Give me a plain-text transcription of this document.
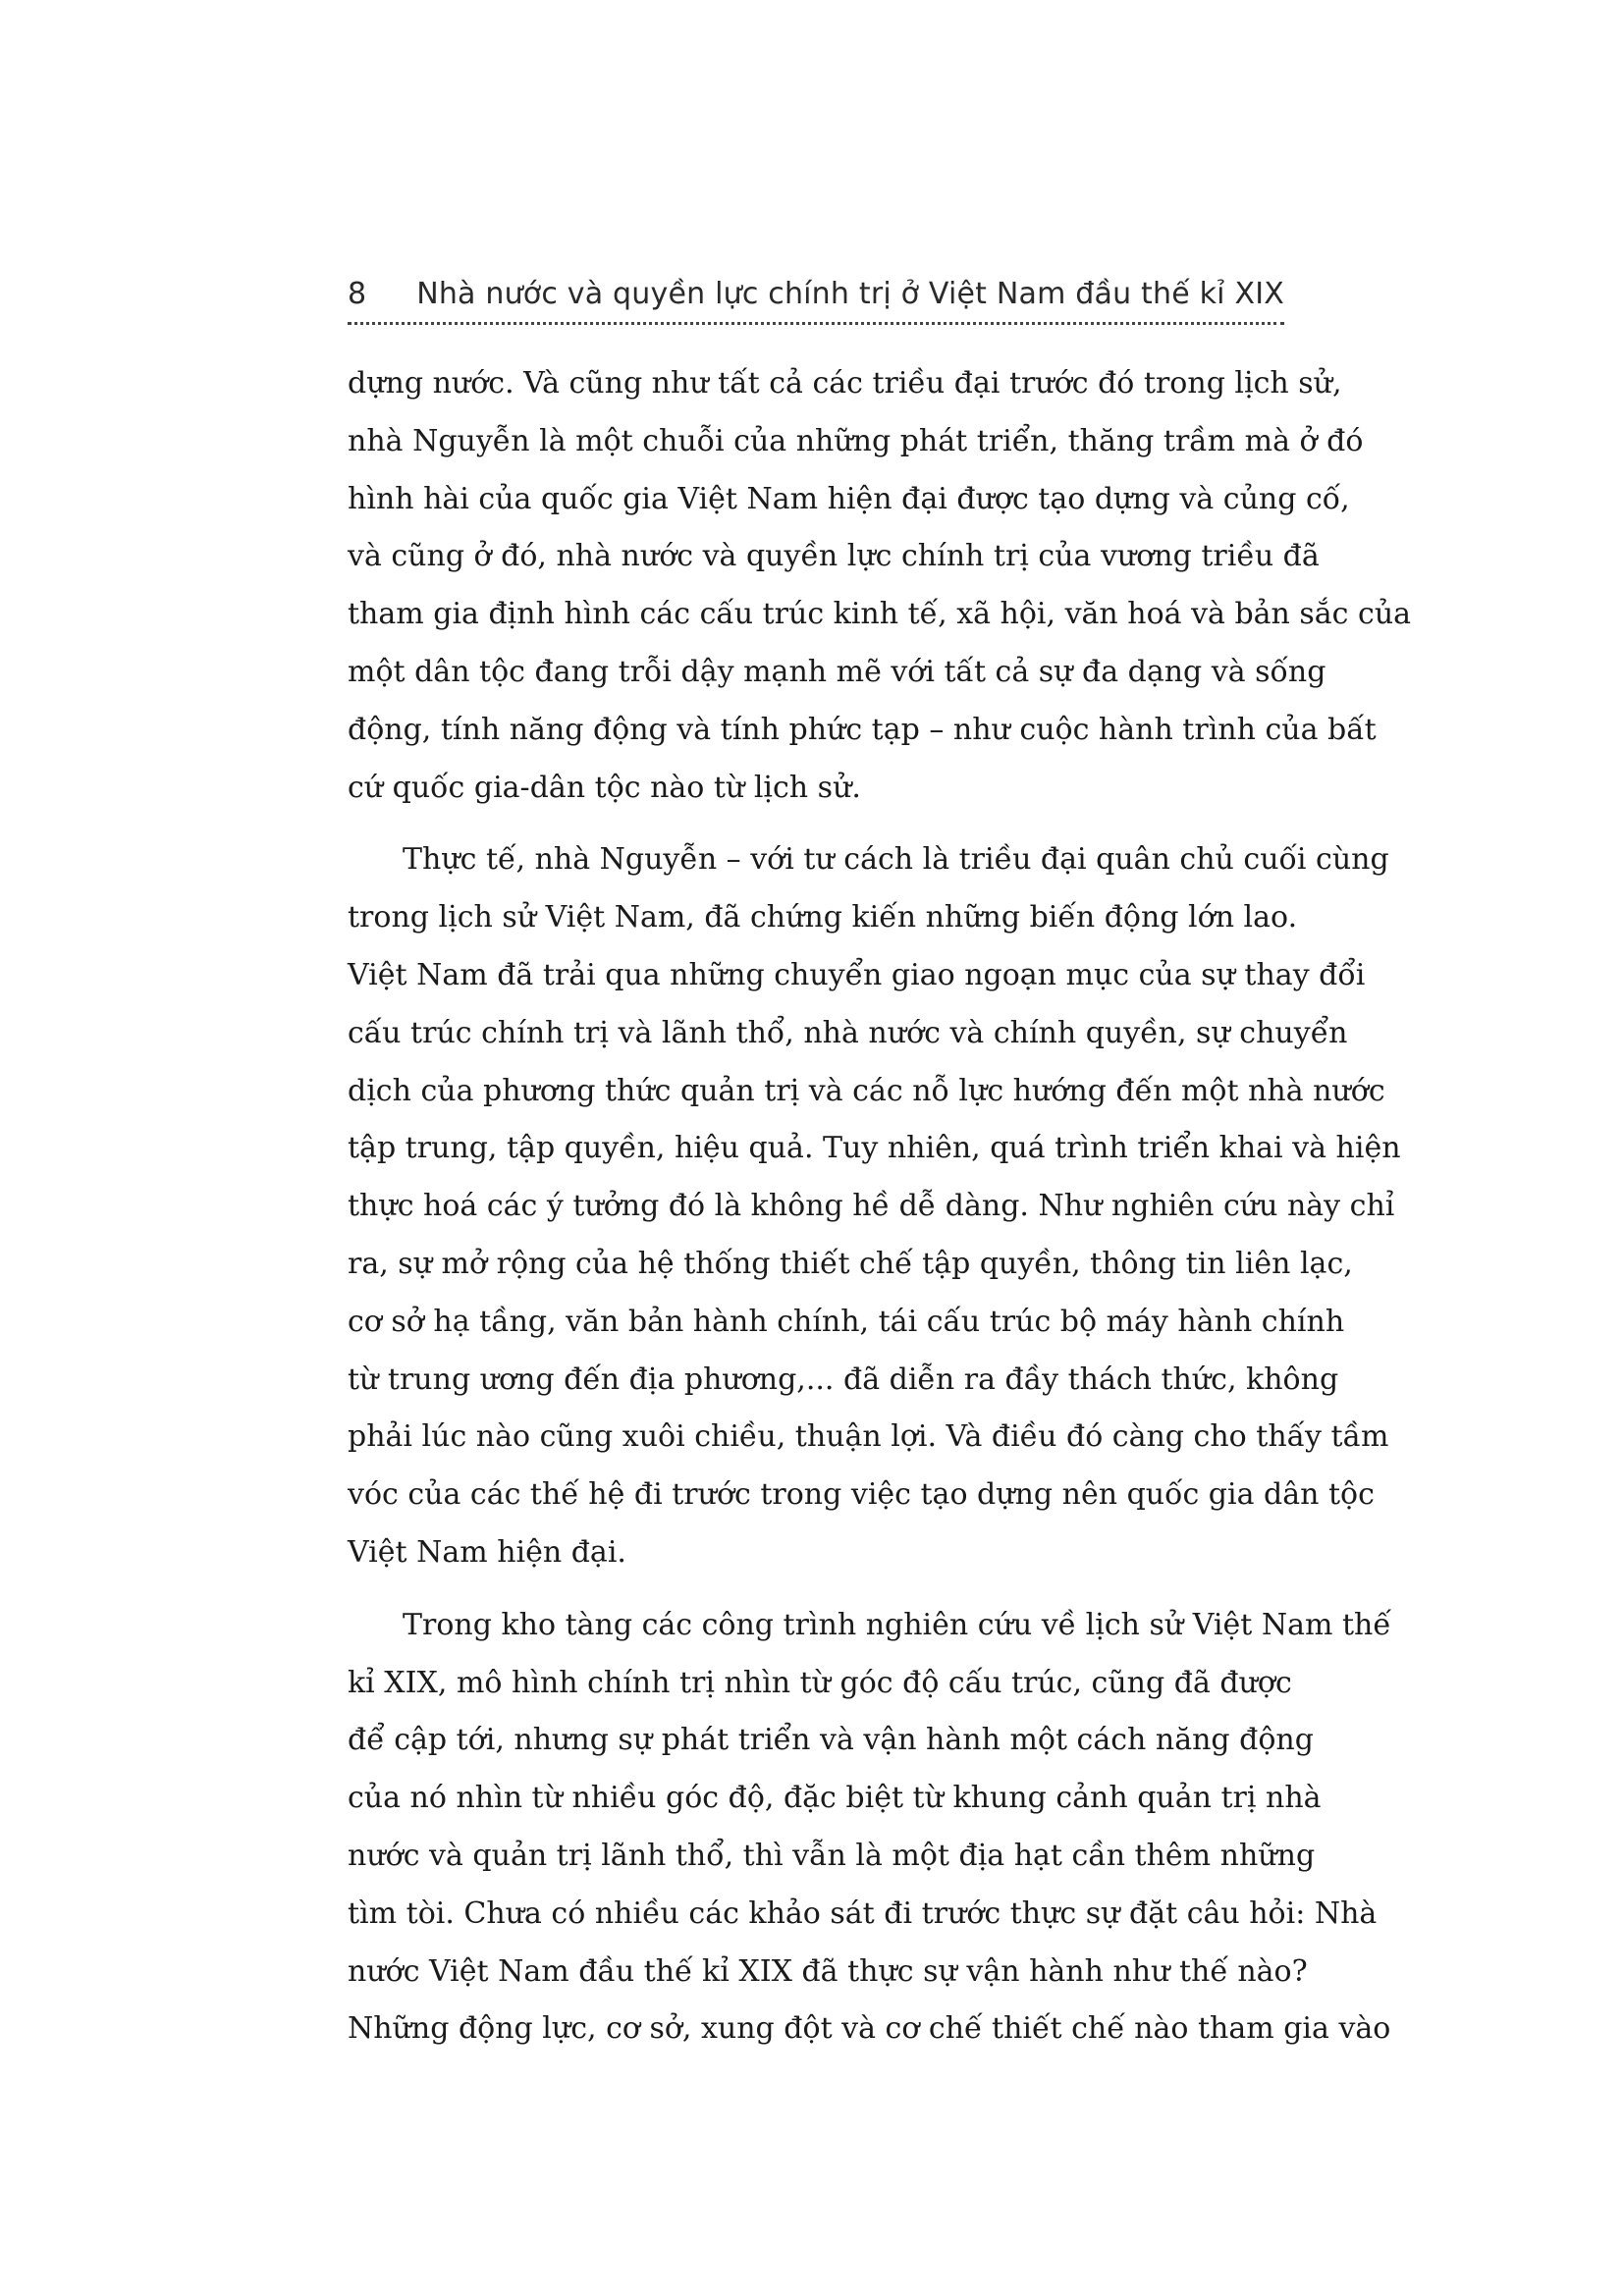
8 Nhà nước và quyền lực chính trị ở Việt Nam đầu thế kỉ XIX

dựng nước. Và cũng như tất cả các triều đại trước đó trong lịch sử,
nhà Nguyễn là một chuỗi của những phát triển, thăng trầm mà ở đó
hình hài của quốc gia Việt Nam hiện đại được tạo dựng và củng cố,
và cũng ở đó, nhà nước và quyền lực chính trị của vương triều đã
tham gia định hình các cấu trúc kinh tế, xã hội, văn hoá và bản sắc của
một dân tộc đang trỗi dậy mạnh mẽ với tất cả sự đa dạng và sống
động, tính năng động và tính phức tạp – như cuộc hành trình của bất
cứ quốc gia-dân tộc nào từ lịch sử.

Thực tế, nhà Nguyễn – với tư cách là triều đại quân chủ cuối cùng
trong lịch sử Việt Nam, đã chứng kiến những biến động lớn lao.
Việt Nam đã trải qua những chuyển giao ngoạn mục của sự thay đổi
cấu trúc chính trị và lãnh thổ, nhà nước và chính quyền, sự chuyển
dịch của phương thức quản trị và các nỗ lực hướng đến một nhà nước
tập trung, tập quyền, hiệu quả. Tuy nhiên, quá trình triển khai và hiện
thực hoá các ý tưởng đó là không hề dễ dàng. Như nghiên cứu này chỉ
ra, sự mở rộng của hệ thống thiết chế tập quyền, thông tin liên lạc,
cơ sở hạ tầng, văn bản hành chính, tái cấu trúc bộ máy hành chính
từ trung ương đến địa phương,... đã diễn ra đầy thách thức, không
phải lúc nào cũng xuôi chiều, thuận lợi. Và điều đó càng cho thấy tầm
vóc của các thế hệ đi trước trong việc tạo dựng nên quốc gia dân tộc
Việt Nam hiện đại.

Trong kho tàng các công trình nghiên cứu về lịch sử Việt Nam thế
kỉ XIX, mô hình chính trị nhìn từ góc độ cấu trúc, cũng đã được
để cập tới, nhưng sự phát triển và vận hành một cách năng động
của nó nhìn từ nhiều góc độ, đặc biệt từ khung cảnh quản trị nhà
nước và quản trị lãnh thổ, thì vẫn là một địa hạt cần thêm những
tìm tòi. Chưa có nhiều các khảo sát đi trước thực sự đặt câu hỏi: Nhà
nước Việt Nam đầu thế kỉ XIX đã thực sự vận hành như thế nào?
Những động lực, cơ sở, xung đột và cơ chế thiết chế nào tham gia vào
